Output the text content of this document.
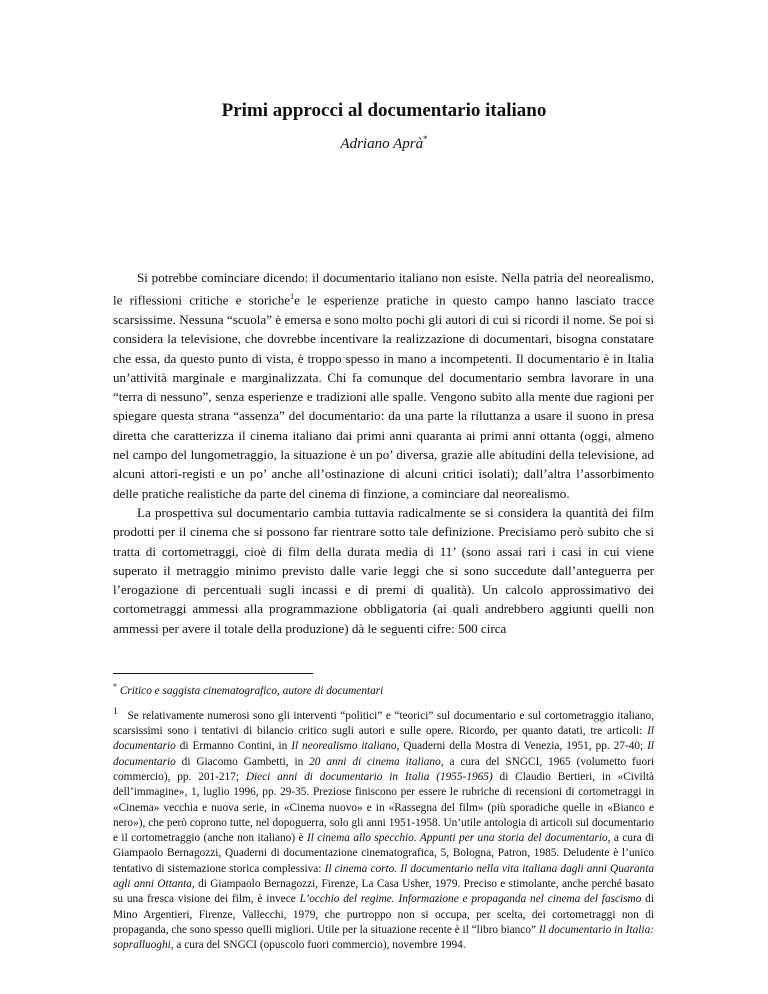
Primi approcci al documentario italiano
Adriano Aprà*

Si potrebbe cominciare dicendo: il documentario italiano non esiste. Nella patria del neorealismo, le riflessioni critiche e storiche$^1$e le esperienze pratiche in questo campo hanno lasciato tracce scarsissime. Nessuna “scuola” è emersa e sono molto pochi gli autori di cui si ricordi il nome. Se poi si considera la televisione, che dovrebbe incentivare la realizzazione di documentari, bisogna constatare che essa, da questo punto di vista, è troppo spesso in mano a incompetenti. Il documentario è in Italia un’attività marginale e marginalizzata. Chi fa comunque del documentario sembra lavorare in una “terra di nessuno”, senza esperienze e tradizioni alle spalle. Vengono subito alla mente due ragioni per spiegare questa strana “assenza” del documentario: da una parte la riluttanza a usare il suono in presa diretta che caratterizza il cinema italiano dai primi anni quaranta ai primi anni ottanta (oggi, almeno nel campo del lungometraggio, la situazione è un po’ diversa, grazie alle abitudini della televisione, ad alcuni attori-registi e un po’ anche all’ostinazione di alcuni critici isolati); dall’altra l’assorbimento delle pratiche realistiche da parte del cinema di finzione, a cominciare dal neorealismo.

La prospettiva sul documentario cambia tuttavia radicalmente se si considera la quantità dei film prodotti per il cinema che si possono far rientrare sotto tale definizione. Precisiamo però subito che si tratta di cortometraggi, cioè di film della durata media di 11’ (sono assai rari i casi in cui viene superato il metraggio minimo previsto dalle varie leggi che si sono succedute dall’anteguerra per l’erogazione di percentuali sugli incassi e di premi di qualità). Un calcolo approssimativo dei cortometraggi ammessi alla programmazione obbligatoria (ai quali andrebbero aggiunti quelli non ammessi per avere il totale della produzione) dà le seguenti cifre: 500 circa

* Critico e saggista cinematografico, autore di documentari
$^1$ Se relativamente numerosi sono gli interventi “politici” e “teorici” sul documentario e sul cortometraggio italiano, scarsissimi sono i tentativi di bilancio critico sugli autori e sulle opere. Ricordo, per quanto datati, tre articoli: Il documentario di Ermanno Contini, in Il neorealismo italiano, Quaderni della Mostra di Venezia, 1951, pp. 27-40; Il documentario di Giacomo Gambetti, in 20 anni di cinema italiano, a cura del SNGCI, 1965 (volumetto fuori commercio), pp. 201-217; Dieci anni di documentario in Italia (1955-1965) di Claudio Bertieri, in «Civiltà dell’immagine», 1, luglio 1996, pp. 29-35. Preziose finiscono per essere le rubriche di recensioni di cortometraggi in «Cinema» vecchia e nuova serie, in «Cinema nuovo» e in «Rassegna del film» (più sporadiche quelle in «Bianco e nero»), che però coprono tutte, nel dopoguerra, solo gli anni 1951-1958. Un’utile antologia di articoli sul documentario e il cortometraggio (anche non italiano) è Il cinema allo specchio. Appunti per una storia del documentario, a cura di Giampaolo Bernagozzi, Quaderni di documentazione cinematografica, 5, Bologna, Patron, 1985. Deludente è l’unico tentativo di sistemazione storica complessiva: Il cinema corto. Il documentario nella vita italiana dagli anni Quaranta agli anni Ottanta, di Giampaolo Bernagozzi, Firenze, La Casa Usher, 1979. Preciso e stimolante, anche perché basato su una fresca visione dei film, è invece L’occhio del regime. Informazione e propaganda nel cinema del fascismo di Mino Argentieri, Firenze, Vallecchi, 1979, che purtroppo non si occupa, per scelta, dei cortometraggi non di propaganda, che sono spesso quelli migliori. Utile per la situazione recente è il “libro bianco” Il documentario in Italia: sopralluoghi, a cura del SNGCI (opuscolo fuori commercio), novembre 1994.
